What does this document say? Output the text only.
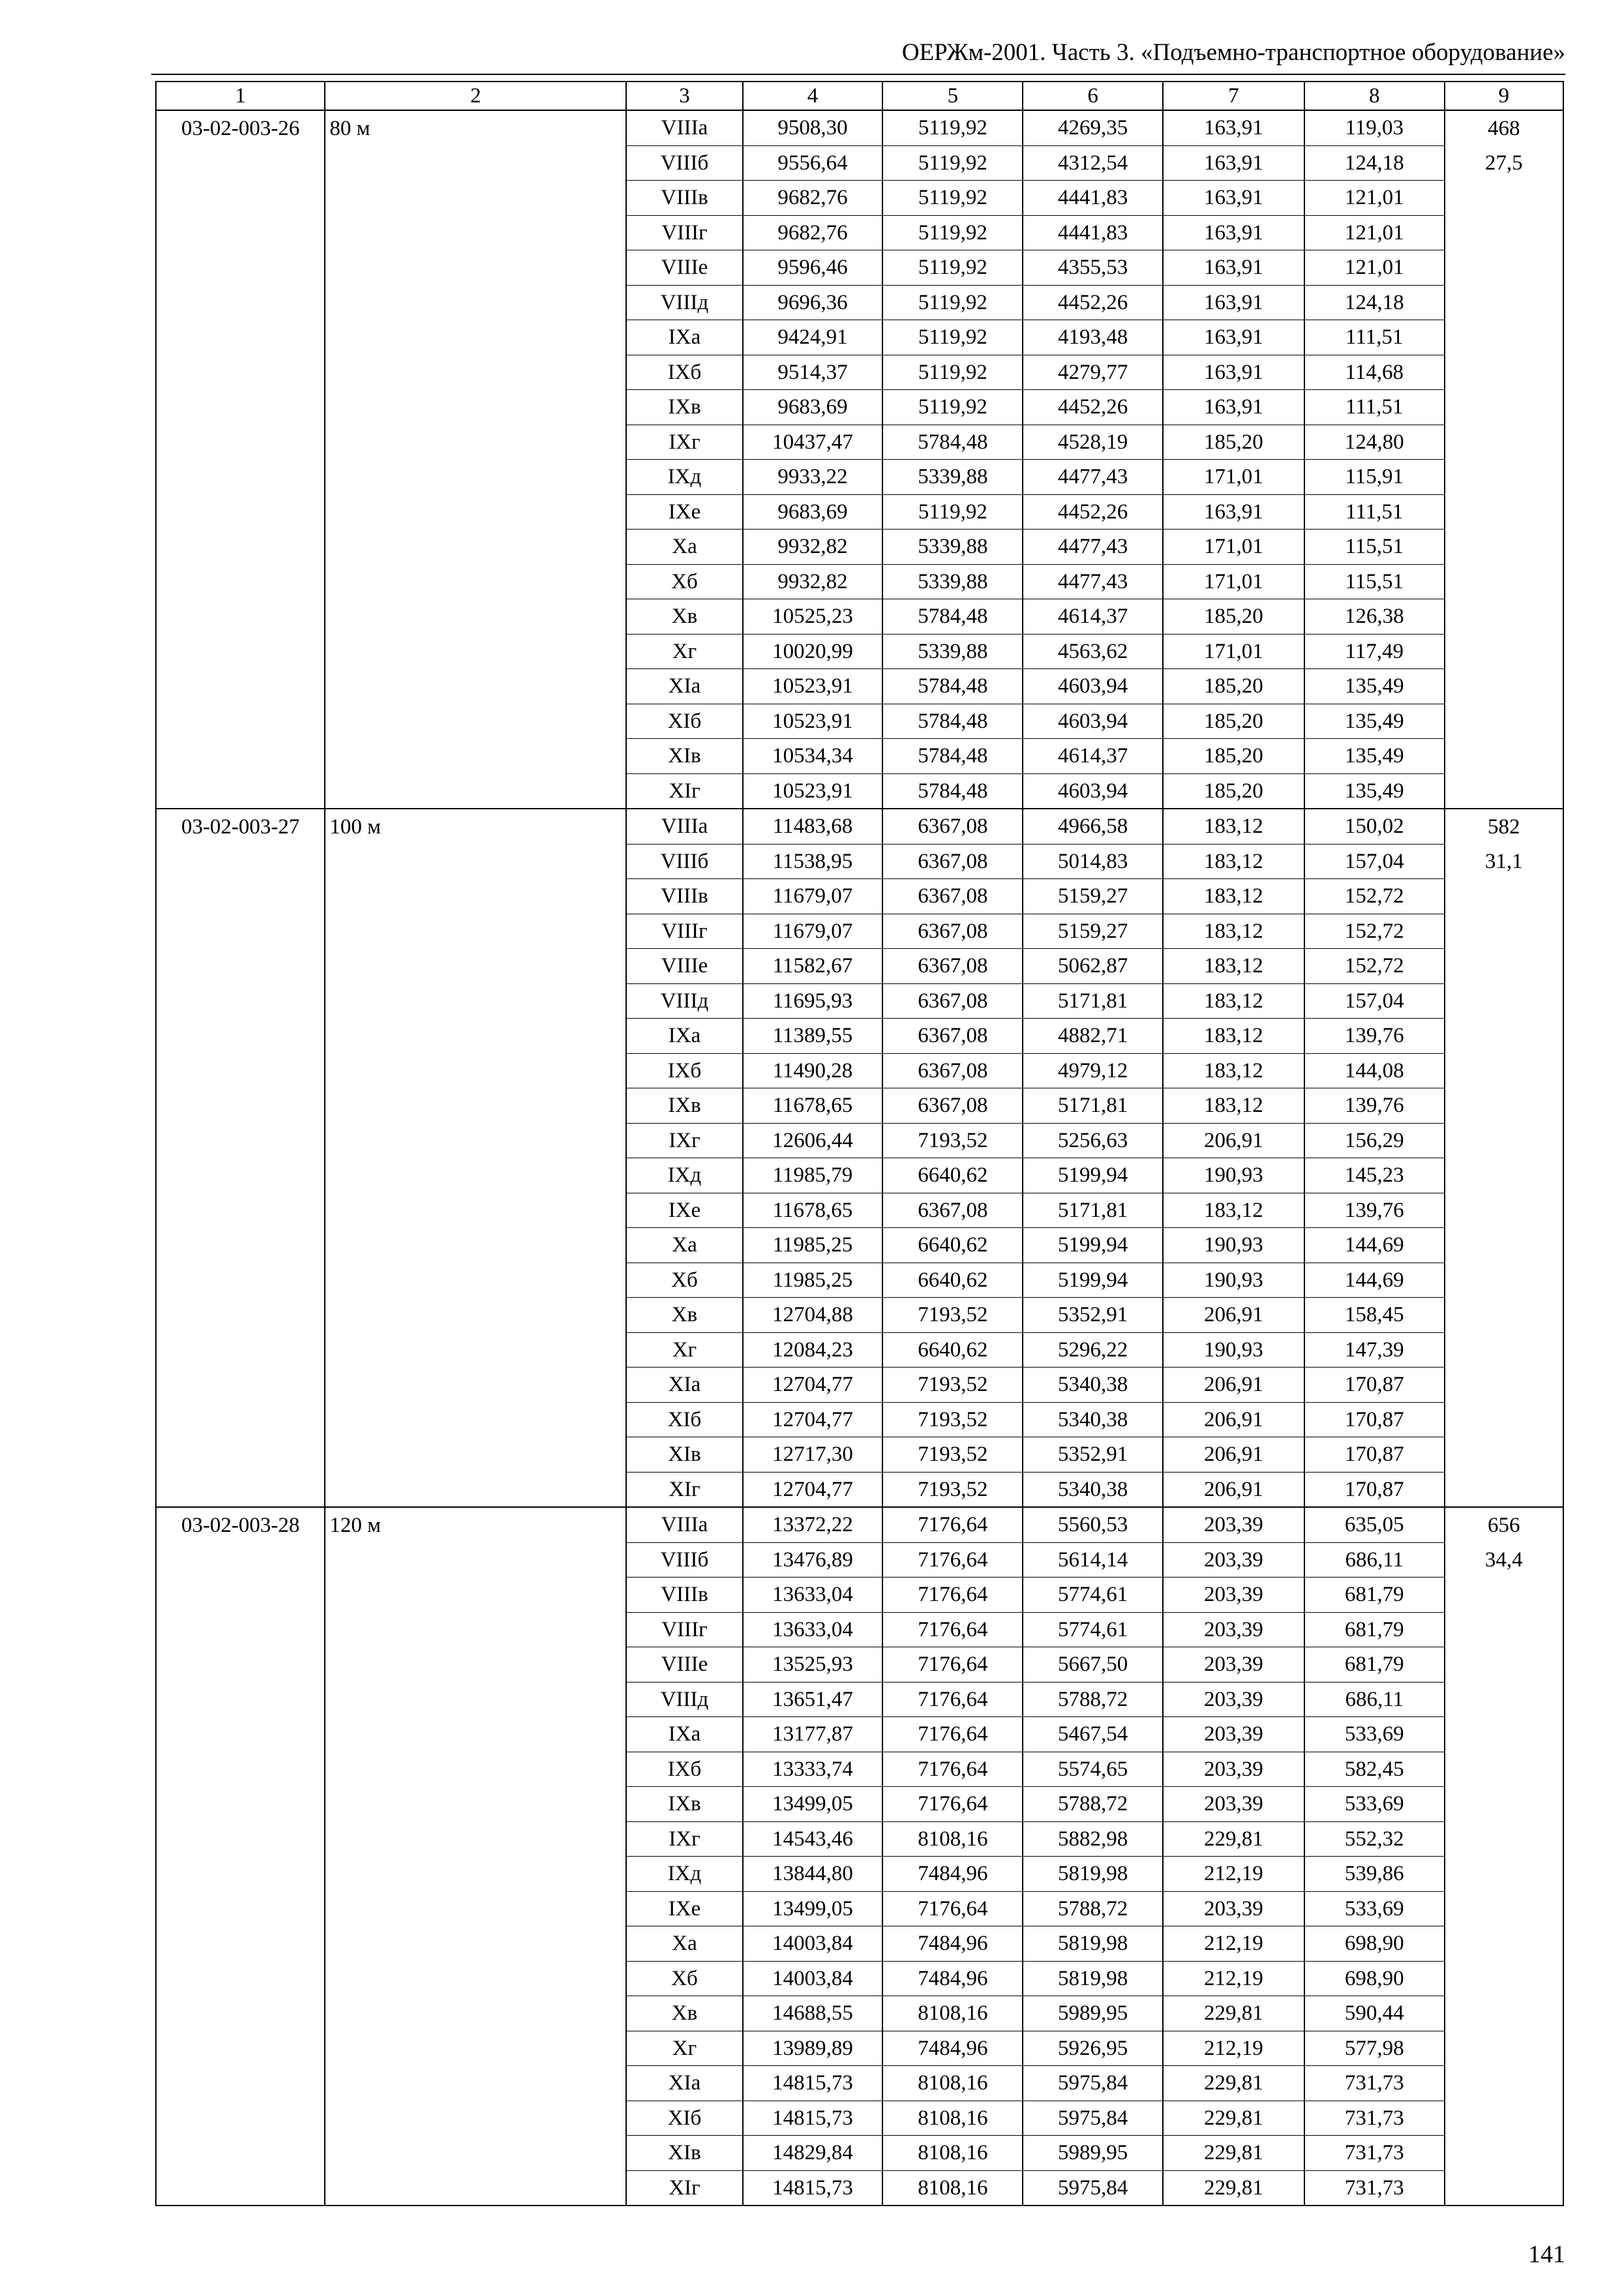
ОЕРЖм-2001. Часть 3. «Подъемно-транспортное оборудование»
1	2	3	4	5	6	7	8	9
03-02-003-26	80 м	VIIIа	9508,30	5119,92	4269,35	163,91	119,03	468
		VIIIб	9556,64	5119,92	4312,54	163,91	124,18	27,5
		VIIIв	9682,76	5119,92	4441,83	163,91	121,01	
		VIIIг	9682,76	5119,92	4441,83	163,91	121,01	
		VIIIе	9596,46	5119,92	4355,53	163,91	121,01	
		VIIIд	9696,36	5119,92	4452,26	163,91	124,18	
		IXа	9424,91	5119,92	4193,48	163,91	111,51	
		IXб	9514,37	5119,92	4279,77	163,91	114,68	
		IXв	9683,69	5119,92	4452,26	163,91	111,51	
		IXг	10437,47	5784,48	4528,19	185,20	124,80	
		IXд	9933,22	5339,88	4477,43	171,01	115,91	
		IXе	9683,69	5119,92	4452,26	163,91	111,51	
		Xа	9932,82	5339,88	4477,43	171,01	115,51	
		Xб	9932,82	5339,88	4477,43	171,01	115,51	
		Xв	10525,23	5784,48	4614,37	185,20	126,38	
		Xг	10020,99	5339,88	4563,62	171,01	117,49	
		XIа	10523,91	5784,48	4603,94	185,20	135,49	
		XIб	10523,91	5784,48	4603,94	185,20	135,49	
		XIв	10534,34	5784,48	4614,37	185,20	135,49	
		XIг	10523,91	5784,48	4603,94	185,20	135,49	
03-02-003-27	100 м	VIIIа	11483,68	6367,08	4966,58	183,12	150,02	582
		VIIIб	11538,95	6367,08	5014,83	183,12	157,04	31,1
		VIIIв	11679,07	6367,08	5159,27	183,12	152,72	
		VIIIг	11679,07	6367,08	5159,27	183,12	152,72	
		VIIIе	11582,67	6367,08	5062,87	183,12	152,72	
		VIIIд	11695,93	6367,08	5171,81	183,12	157,04	
		IXа	11389,55	6367,08	4882,71	183,12	139,76	
		IXб	11490,28	6367,08	4979,12	183,12	144,08	
		IXв	11678,65	6367,08	5171,81	183,12	139,76	
		IXг	12606,44	7193,52	5256,63	206,91	156,29	
		IXд	11985,79	6640,62	5199,94	190,93	145,23	
		IXе	11678,65	6367,08	5171,81	183,12	139,76	
		Xа	11985,25	6640,62	5199,94	190,93	144,69	
		Xб	11985,25	6640,62	5199,94	190,93	144,69	
		Xв	12704,88	7193,52	5352,91	206,91	158,45	
		Xг	12084,23	6640,62	5296,22	190,93	147,39	
		XIа	12704,77	7193,52	5340,38	206,91	170,87	
		XIб	12704,77	7193,52	5340,38	206,91	170,87	
		XIв	12717,30	7193,52	5352,91	206,91	170,87	
		XIг	12704,77	7193,52	5340,38	206,91	170,87	
03-02-003-28	120 м	VIIIа	13372,22	7176,64	5560,53	203,39	635,05	656
		VIIIб	13476,89	7176,64	5614,14	203,39	686,11	34,4
		VIIIв	13633,04	7176,64	5774,61	203,39	681,79	
		VIIIг	13633,04	7176,64	5774,61	203,39	681,79	
		VIIIе	13525,93	7176,64	5667,50	203,39	681,79	
		VIIIд	13651,47	7176,64	5788,72	203,39	686,11	
		IXа	13177,87	7176,64	5467,54	203,39	533,69	
		IXб	13333,74	7176,64	5574,65	203,39	582,45	
		IXв	13499,05	7176,64	5788,72	203,39	533,69	
		IXг	14543,46	8108,16	5882,98	229,81	552,32	
		IXд	13844,80	7484,96	5819,98	212,19	539,86	
		IXе	13499,05	7176,64	5788,72	203,39	533,69	
		Xа	14003,84	7484,96	5819,98	212,19	698,90	
		Xб	14003,84	7484,96	5819,98	212,19	698,90	
		Xв	14688,55	8108,16	5989,95	229,81	590,44	
		Xг	13989,89	7484,96	5926,95	212,19	577,98	
		XIа	14815,73	8108,16	5975,84	229,81	731,73	
		XIб	14815,73	8108,16	5975,84	229,81	731,73	
		XIв	14829,84	8108,16	5989,95	229,81	731,73	
		XIг	14815,73	8108,16	5975,84	229,81	731,73	
141
